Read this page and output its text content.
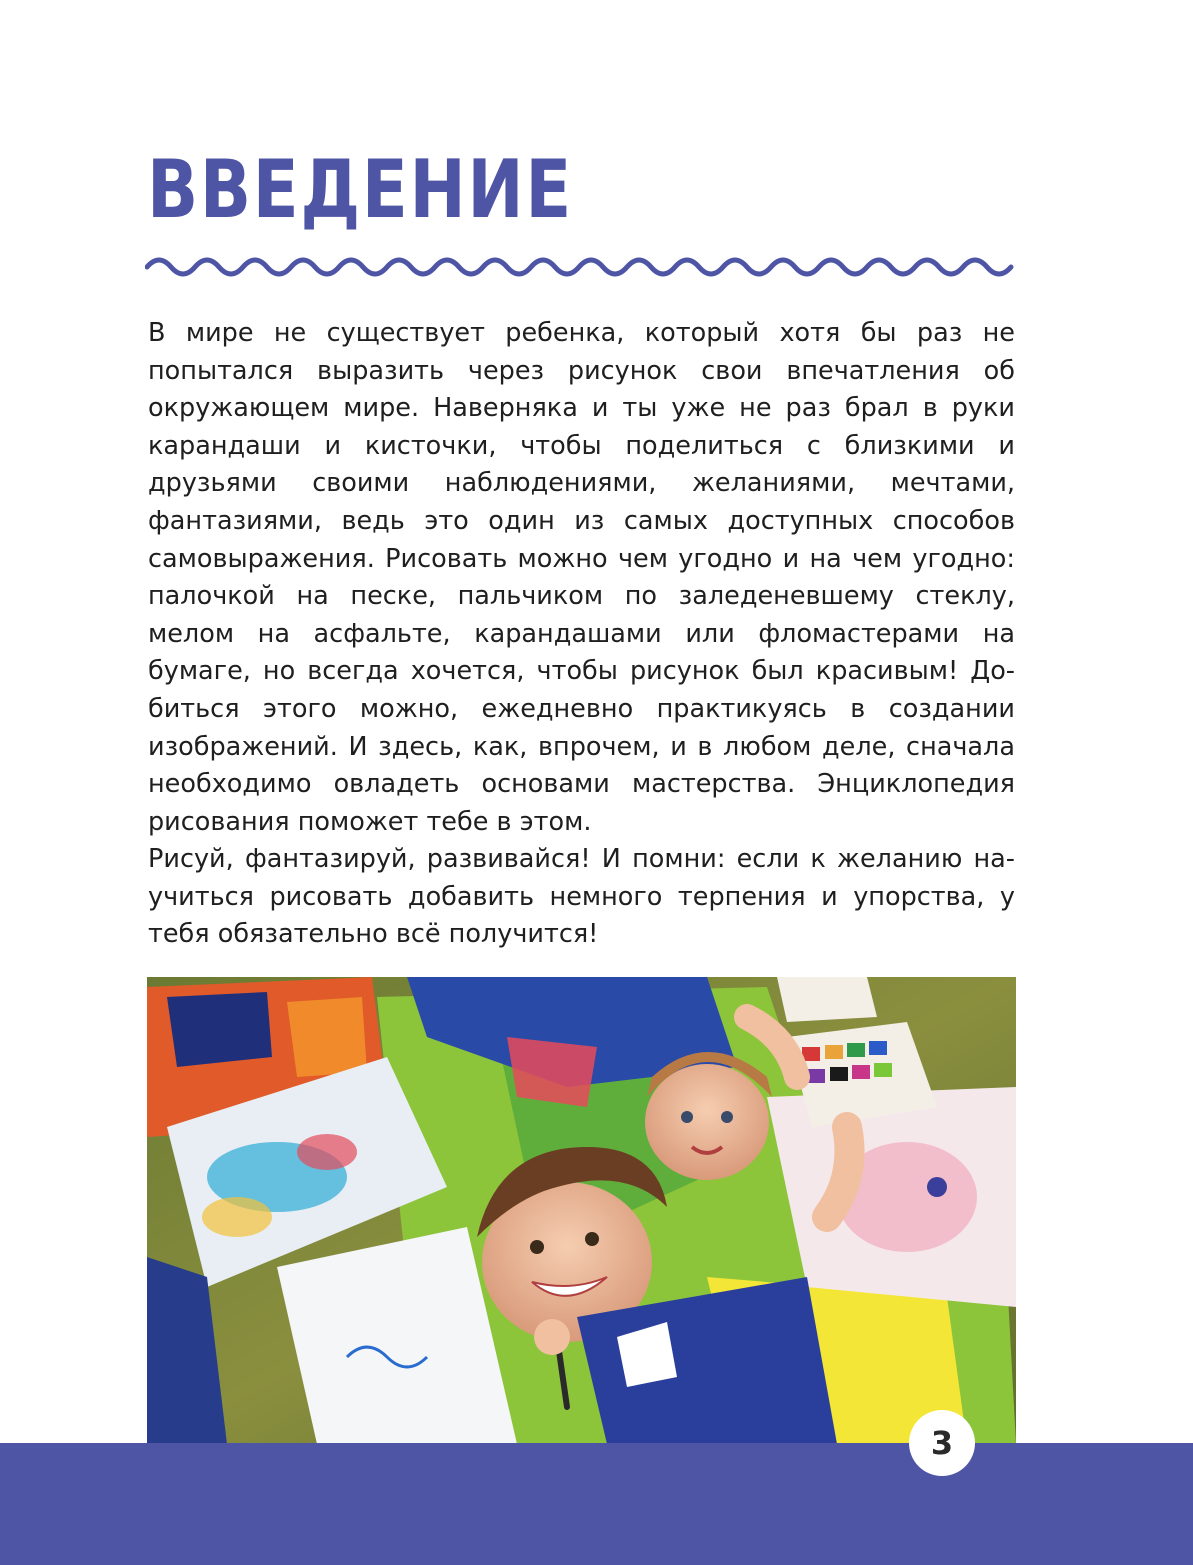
ВВЕДЕНИЕ

В мире не существует ребенка, который хотя бы раз не попытался выразить через рисунок свои впечатления об окружающем мире. Наверняка и ты уже не раз брал в руки карандаши и кисточки, чтобы поделиться с близкими и друзьями своими наблюдениями, желаниями, мечтами, фантазиями, ведь это один из самых доступных способов самовыражения. Рисовать можно чем угодно и на чем угодно: палочкой на песке, пальчиком по заледеневшему стеклу, мелом на асфальте, карандашами или фломастерами на бумаге, но всегда хочется, чтобы рисунок был красивым! Добиться этого можно, ежедневно практикуясь в создании изображений. И здесь, как, впрочем, и в любом деле, сначала необходимо овладеть основами мастерства. Энциклопедия рисования поможет тебе в этом.

Рисуй, фантазируй, развивайся! И помни: если к желанию научиться рисовать добавить немного терпения и упорства, у тебя обязательно всё получится!

3
